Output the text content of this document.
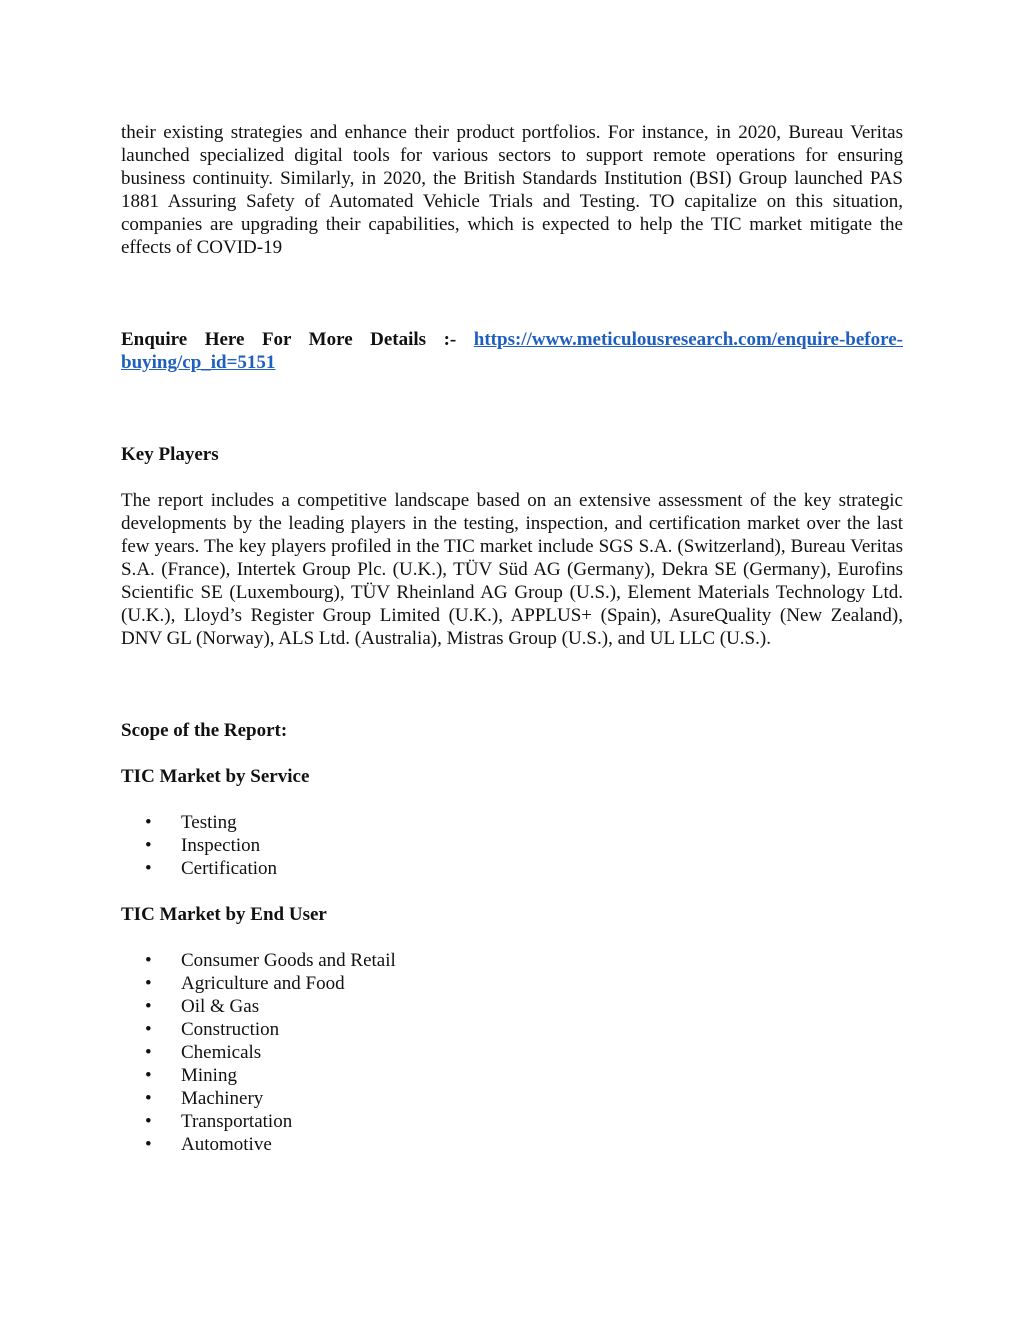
their existing strategies and enhance their product portfolios. For instance, in 2020, Bureau Veritas launched specialized digital tools for various sectors to support remote operations for ensuring business continuity. Similarly, in 2020, the British Standards Institution (BSI) Group launched PAS 1881 Assuring Safety of Automated Vehicle Trials and Testing. TO capitalize on this situation, companies are upgrading their capabilities, which is expected to help the TIC market mitigate the effects of COVID-19

Enquire Here For More Details :- https://www.meticulousresearch.com/enquire-before-buying/cp_id=5151

Key Players

The report includes a competitive landscape based on an extensive assessment of the key strategic developments by the leading players in the testing, inspection, and certification market over the last few years. The key players profiled in the TIC market include SGS S.A. (Switzerland), Bureau Veritas S.A. (France), Intertek Group Plc. (U.K.), TÜV Süd AG (Germany), Dekra SE (Germany), Eurofins Scientific SE (Luxembourg), TÜV Rheinland AG Group (U.S.), Element Materials Technology Ltd. (U.K.), Lloyd’s Register Group Limited (U.K.), APPLUS+ (Spain), AsureQuality (New Zealand), DNV GL (Norway), ALS Ltd. (Australia), Mistras Group (U.S.), and UL LLC (U.S.).

Scope of the Report:

TIC Market by Service

• Testing
• Inspection
• Certification

TIC Market by End User

• Consumer Goods and Retail
• Agriculture and Food
• Oil & Gas
• Construction
• Chemicals
• Mining
• Machinery
• Transportation
• Automotive
